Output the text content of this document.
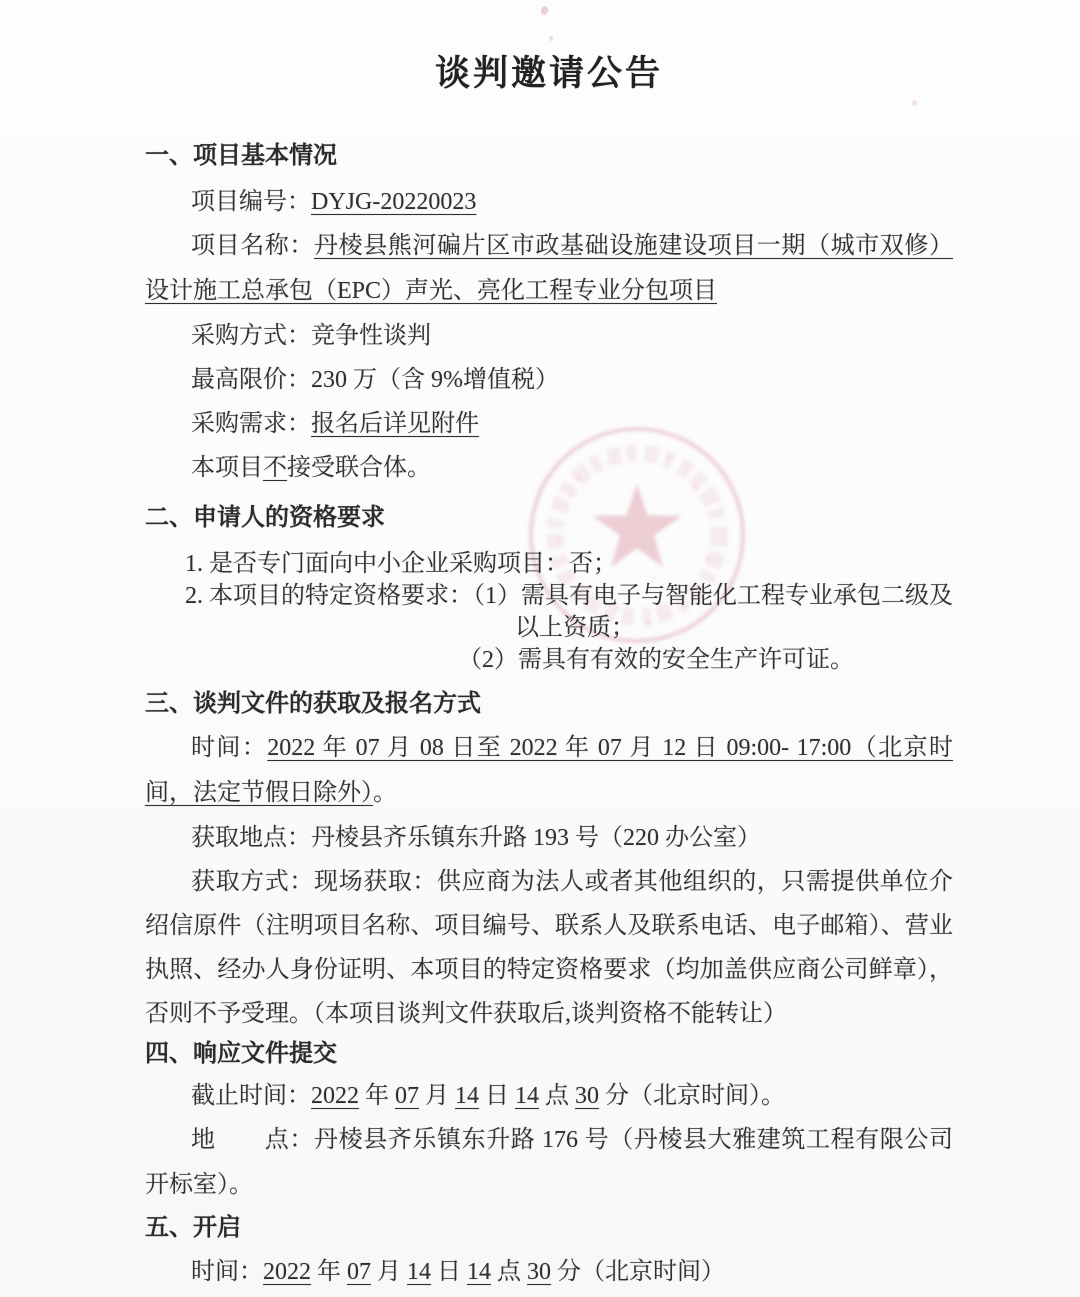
谈判邀请公告
一、项目基本情况

项目编号：DYJG-20220023

项目名称：丹棱县熊河碥片区市政基础设施建设项目一期（城市双修）设计施工总承包（EPC）声光、亮化工程专业分包项目

采购方式：竞争性谈判

最高限价：230 万（含 9%增值税）

采购需求：报名后详见附件

本项目不接受联合体。

二、申请人的资格要求

1. 是否专门面向中小企业采购项目：否；

2. 本项目的特定资格要求：（1）需具有电子与智能化工程专业承包二级及

以上资质；

（2）需具有有效的安全生产许可证。

三、谈判文件的获取及报名方式

时间：2022 年 07 月 08 日至 2022 年 07 月 12 日 09:00- 17:00（北京时间，法定节假日除外）。

获取地点：丹棱县齐乐镇东升路 193 号（220 办公室）

获取方式：现场获取：供应商为法人或者其他组织的，只需提供单位介绍信原件（注明项目名称、项目编号、联系人及联系电话、电子邮箱）、营业执照、经办人身份证明、本项目的特定资格要求（均加盖供应商公司鲜章），否则不予受理。（本项目谈判文件获取后,谈判资格不能转让）

四、响应文件提交

截止时间：2022 年 07 月 14 日 14 点 30 分（北京时间）。

地　　点：丹棱县齐乐镇东升路 176 号（丹棱县大雅建筑工程有限公司开标室）。

五、开启

时间：2022 年 07 月 14 日 14 点 30 分（北京时间）
